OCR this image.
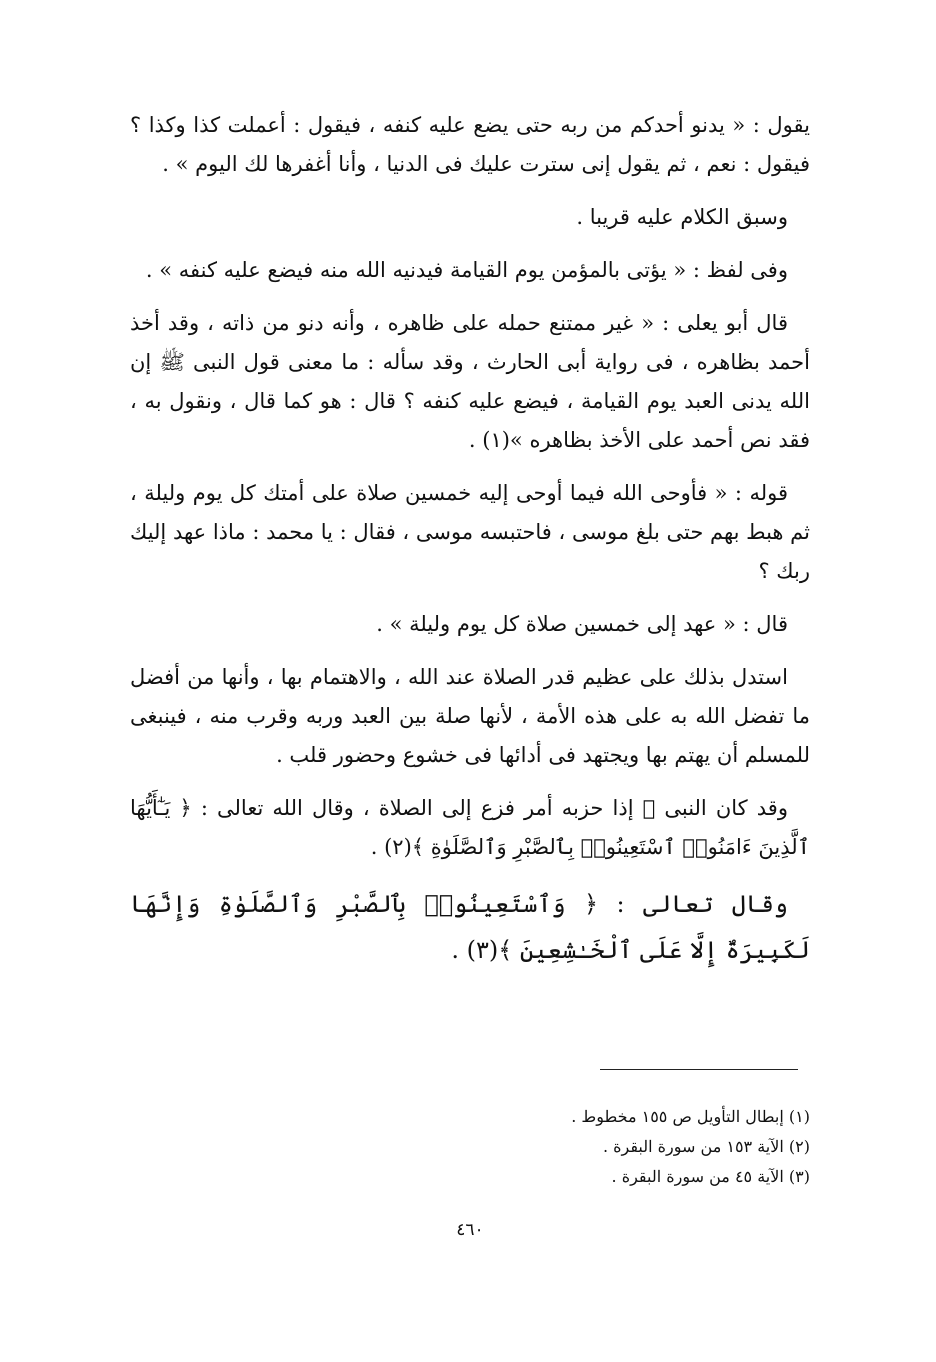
يقول : « يدنو أحدكم من ربه حتى يضع عليه كنفه ، فيقول : أعملت كذا وكذا ؟ فيقول : نعم ، ثم يقول إنى سترت عليك فى الدنيا ، وأنا أغفرها لك اليوم » .

وسبق الكلام عليه قريبا .

وفى لفظ : « يؤتى بالمؤمن يوم القيامة فيدنيه الله منه فيضع عليه كنفه » .

قال أبو يعلى : « غير ممتنع حمله على ظاهره ، وأنه دنو من ذاته ، وقد أخذ أحمد بظاهره ، فى رواية أبى الحارث ، وقد سأله : ما معنى قول النبى ﷺ إن الله يدنى العبد يوم القيامة ، فيضع عليه كنفه ؟ قال : هو كما قال ، ونقول به ، فقد نص أحمد على الأخذ بظاهره »(١) .

قوله : « فأوحى الله فيما أوحى إليه خمسين صلاة على أمتك كل يوم وليلة ، ثم هبط بهم حتى بلغ موسى ، فاحتبسه موسى ، فقال : يا محمد : ماذا عهد إليك ربك ؟

قال : « عهد إلى خمسين صلاة كل يوم وليلة » .

استدل بذلك على عظيم قدر الصلاة عند الله ، والاهتمام بها ، وأنها من أفضل ما تفضل الله به على هذه الأمة ، لأنها صلة بين العبد وربه وقرب منه ، فينبغى للمسلم أن يهتم بها ويجتهد فى أدائها فى خشوع وحضور قلب .

وقد كان النبى ﷺ إذا حزبه أمر فزع إلى الصلاة ، وقال الله تعالى : ﴿ يَـٰٓأَيُّهَا ٱلَّذِينَ ءَامَنُوا۟ ٱسْتَعِينُوا۟ بِٱلصَّبْرِ وَٱلصَّلَوٰةِ ﴾(٢) .

وقال تعالى : ﴿ وَٱسْتَعِينُوا۟ بِٱلصَّبْرِ وَٱلصَّلَوٰةِ وَإِنَّهَا لَكَبِيرَةٌ إِلَّا عَلَى ٱلْخَـٰشِعِينَ ﴾(٣) .

(١) إبطال التأويل ص ١٥٥ مخطوط .
(٢) الآية ١٥٣ من سورة البقرة .
(٣) الآية ٤٥ من سورة البقرة .
٤٦٠
